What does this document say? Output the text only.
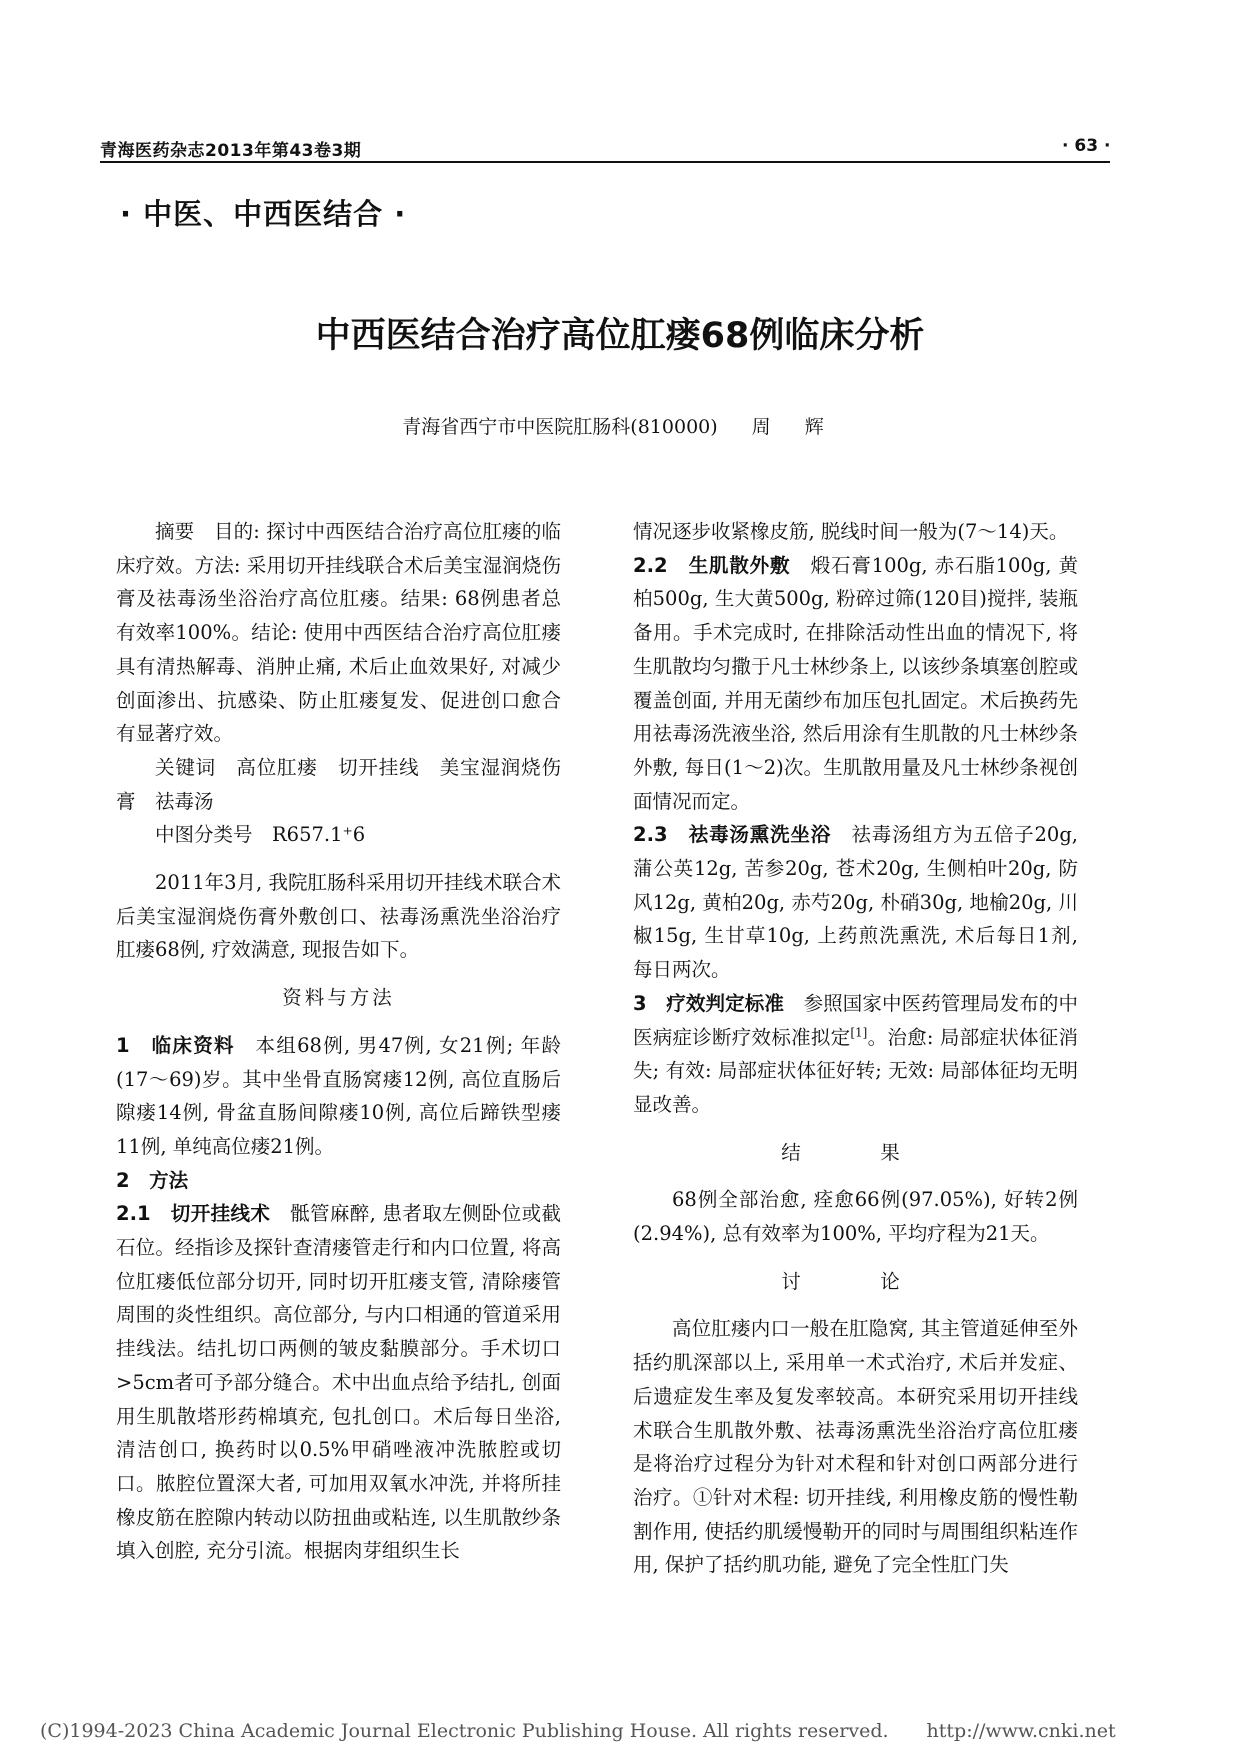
青海医药杂志2013年第43卷3期	· 63 ·
· 中医、中西医结合 ·
中西医结合治疗高位肛瘘68例临床分析
青海省西宁市中医院肛肠科(810000) 周 辉

摘要　目的: 探讨中西医结合治疗高位肛瘘的临床疗效。方法: 采用切开挂线联合术后美宝湿润烧伤膏及祛毒汤坐浴治疗高位肛瘘。结果: 68例患者总有效率100%。结论: 使用中西医结合治疗高位肛瘘具有清热解毒、消肿止痛, 术后止血效果好, 对减少创面渗出、抗感染、防止肛瘘复发、促进创口愈合有显著疗效。

关键词　高位肛瘘　切开挂线　美宝湿润烧伤膏　祛毒汤

中图分类号　R657.1⁺6

2011年3月, 我院肛肠科采用切开挂线术联合术后美宝湿润烧伤膏外敷创口、祛毒汤熏洗坐浴治疗肛瘘68例, 疗效满意, 现报告如下。

资料与方法

1　临床资料　本组68例, 男47例, 女21例; 年龄(17～69)岁。其中坐骨直肠窝瘘12例, 高位直肠后隙瘘14例, 骨盆直肠间隙瘘10例, 高位后蹄铁型瘘11例, 单纯高位瘘21例。

2　方法

2.1　切开挂线术　骶管麻醉, 患者取左侧卧位或截石位。经指诊及探针查清瘘管走行和内口位置, 将高位肛瘘低位部分切开, 同时切开肛瘘支管, 清除瘘管周围的炎性组织。高位部分, 与内口相通的管道采用挂线法。结扎切口两侧的皱皮黏膜部分。手术切口>5cm者可予部分缝合。术中出血点给予结扎, 创面用生肌散塔形药棉填充, 包扎创口。术后每日坐浴, 清洁创口, 换药时以0.5%甲硝唑液冲洗脓腔或切口。脓腔位置深大者, 可加用双氧水冲洗, 并将所挂橡皮筋在腔隙内转动以防扭曲或粘连, 以生肌散纱条填入创腔, 充分引流。根据肉芽组织生长

情况逐步收紧橡皮筋, 脱线时间一般为(7～14)天。

2.2　生肌散外敷　煅石膏100g, 赤石脂100g, 黄柏500g, 生大黄500g, 粉碎过筛(120目)搅拌, 装瓶备用。手术完成时, 在排除活动性出血的情况下, 将生肌散均匀撒于凡士林纱条上, 以该纱条填塞创腔或覆盖创面, 并用无菌纱布加压包扎固定。术后换药先用祛毒汤洗液坐浴, 然后用涂有生肌散的凡士林纱条外敷, 每日(1～2)次。生肌散用量及凡士林纱条视创面情况而定。

2.3　祛毒汤熏洗坐浴　祛毒汤组方为五倍子20g, 蒲公英12g, 苦参20g, 苍术20g, 生侧柏叶20g, 防风12g, 黄柏20g, 赤芍20g, 朴硝30g, 地榆20g, 川椒15g, 生甘草10g, 上药煎洗熏洗, 术后每日1剂, 每日两次。

3　疗效判定标准　参照国家中医药管理局发布的中医病症诊断疗效标准拟定[1]。治愈: 局部症状体征消失; 有效: 局部症状体征好转; 无效: 局部体征均无明显改善。

结　果

68例全部治愈, 痊愈66例(97.05%), 好转2例(2.94%), 总有效率为100%, 平均疗程为21天。

讨　论

高位肛瘘内口一般在肛隐窝, 其主管道延伸至外括约肌深部以上, 采用单一术式治疗, 术后并发症、后遗症发生率及复发率较高。本研究采用切开挂线术联合生肌散外敷、祛毒汤熏洗坐浴治疗高位肛瘘是将治疗过程分为针对术程和针对创口两部分进行治疗。①针对术程: 切开挂线, 利用橡皮筋的慢性勒割作用, 使括约肌缓慢勒开的同时与周围组织粘连作用, 保护了括约肌功能, 避免了完全性肛门失

(C)1994-2023 China Academic Journal Electronic Publishing House. All rights reserved.　　http://www.cnki.net
